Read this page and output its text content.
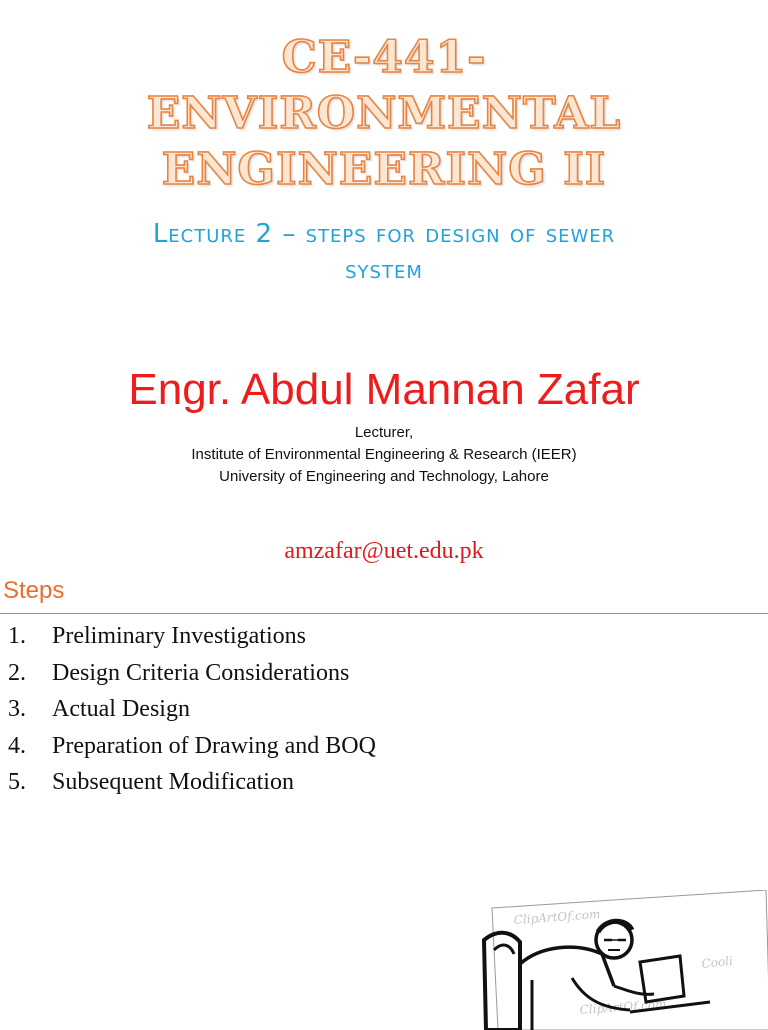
CE-441-
ENVIRONMENTAL
ENGINEERING II
Lecture 2 – steps for design of sewer
system
Engr. Abdul Mannan Zafar
Lecturer,
Institute of Environmental Engineering & Research (IEER)
University of Engineering and Technology, Lahore
amzafar@uet.edu.pk
Steps
1.	Preliminary Investigations
2.	Design Criteria Considerations
3.	Actual Design
4.	Preparation of Drawing and BOQ
5.	Subsequent Modification
ClipArtOf.com
Cooli
ClipArtOf.com
